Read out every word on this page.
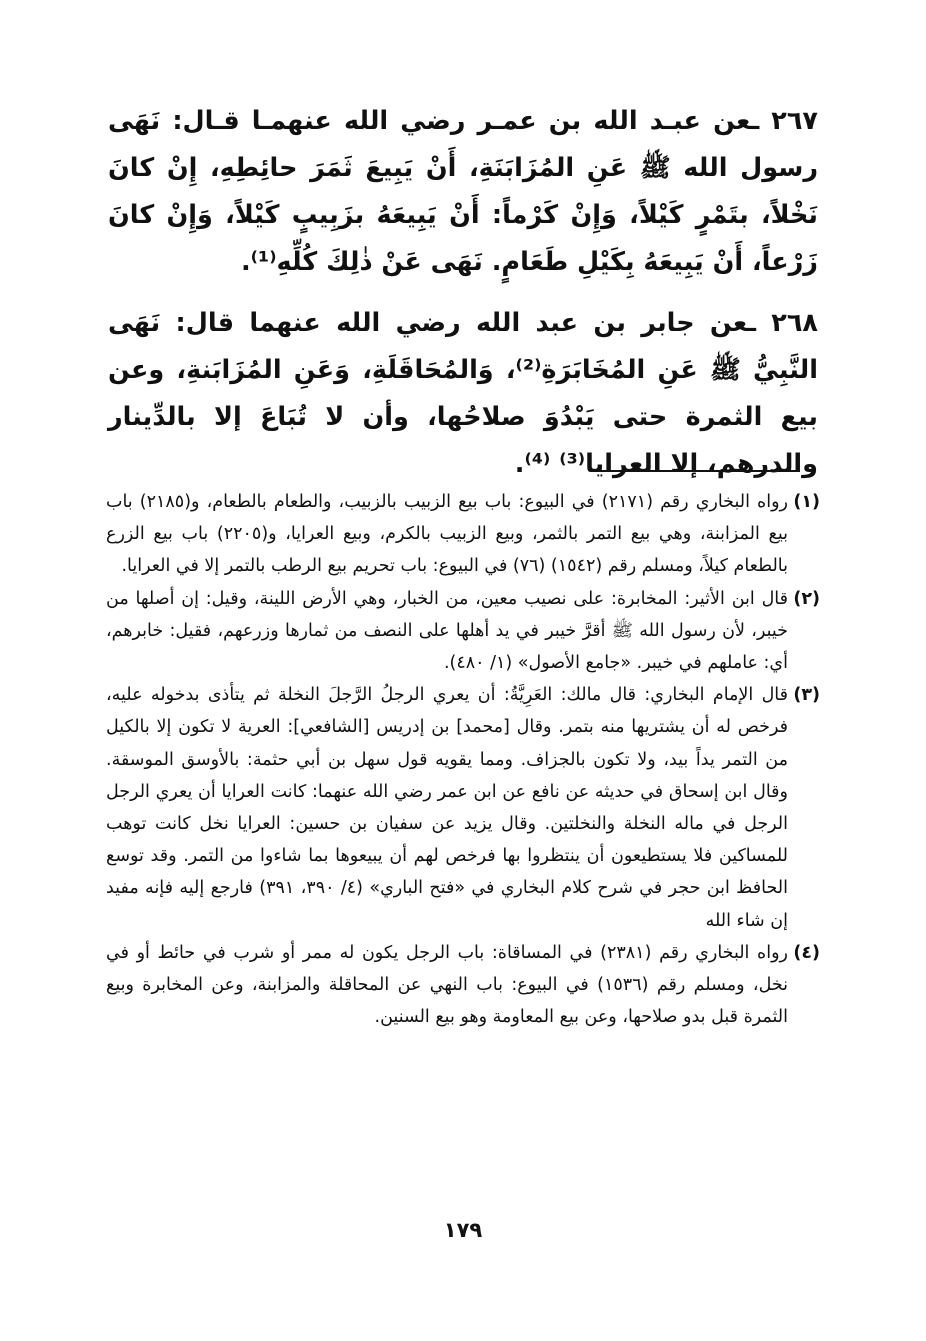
٢٦٧ ـعن عبـد الله بن عمـر رضي الله عنهمـا قـال: نَهَى رسول الله ﷺ عَنِ المُزَابَنَةِ، أَنْ يَبِيعَ ثَمَرَ حائِطِهِ، إِنْ كانَ نَخْلاً، بتَمْرٍ كَيْلاً، وَإِنْ كَرْماً: أَنْ يَبِيعَهُ بزَبِيبٍ كَيْلاً، وَإِنْ كانَ زَرْعاً، أَنْ يَبِيعَهُ بِكَيْلِ طَعَامٍ. نَهَى عَنْ ذٰلِكَ كُلِّهِ⁽¹⁾.

٢٦٨ ـعن جابر بن عبد الله رضي الله عنهما قال: نَهَى النَّبِيُّ ﷺ عَنِ المُخَابَرَةِ⁽²⁾، وَالمُحَاقَلَةِ، وَعَنِ المُزَابَنةِ، وعن بيع الثمرة حتى يَبْدُوَ صلاحُها، وأن لا تُبَاعَ إلا بالدِّينار والدرهم، إلا العرايا⁽³⁾ ⁽⁴⁾.

(١)
رواه البخاري رقم (٢١٧١) في البيوع: باب بيع الزبيب بالزبيب، والطعام بالطعام، و(٢١٨٥) باب بيع المزابنة، وهي بيع التمر بالثمر، وبيع الزبيب بالكرم، وبيع العرايا، و(٢٢٠٥) باب بيع الزرع بالطعام كيلاً، ومسلم رقم (١٥٤٢) (٧٦) في البيوع: باب تحريم بيع الرطب بالتمر إلا في العرايا.

(٢)
قال ابن الأثير: المخابرة: على نصيب معين، من الخبار، وهي الأرض اللينة، وقيل: إن أصلها من خيبر، لأن رسول الله ﷺ أقرَّ خيبر في يد أهلها على النصف من ثمارها وزرعهم، فقيل: خابرهم، أي: عاملهم في خيبر. «جامع الأصول» (١/ ٤٨٠).

(٣)
قال الإمام البخاري: قال مالك: العَرِيَّةُ: أن يعري الرجلُ الرَّجلَ النخلة ثم يتأذى بدخوله عليه، فرخص له أن يشتريها منه بتمر. وقال [محمد] بن إدريس [الشافعي]: العرية لا تكون إلا بالكيل من التمر يداً بيد، ولا تكون بالجزاف. ومما يقويه قول سهل بن أبي حثمة: بالأوسق الموسقة. وقال ابن إسحاق في حديثه عن نافع عن ابن عمر رضي الله عنهما: كانت العرايا أن يعري الرجل الرجل في ماله النخلة والنخلتين. وقال يزيد عن سفيان بن حسين: العرايا نخل كانت توهب للمساكين فلا يستطيعون أن ينتظروا بها فرخص لهم أن يبيعوها بما شاءوا من التمر. وقد توسع الحافظ ابن حجر في شرح كلام البخاري في «فتح الباري» (٤/ ٣٩٠، ٣٩١) فارجع إليه فإنه مفيد إن شاء الله

(٤)
رواه البخاري رقم (٢٣٨١) في المساقاة: باب الرجل يكون له ممر أو شرب في حائط أو في نخل، ومسلم رقم (١٥٣٦) في البيوع: باب النهي عن المحاقلة والمزابنة، وعن المخابرة وبيع الثمرة قبل بدو صلاحها، وعن بيع المعاومة وهو بيع السنين.

١٧٩
